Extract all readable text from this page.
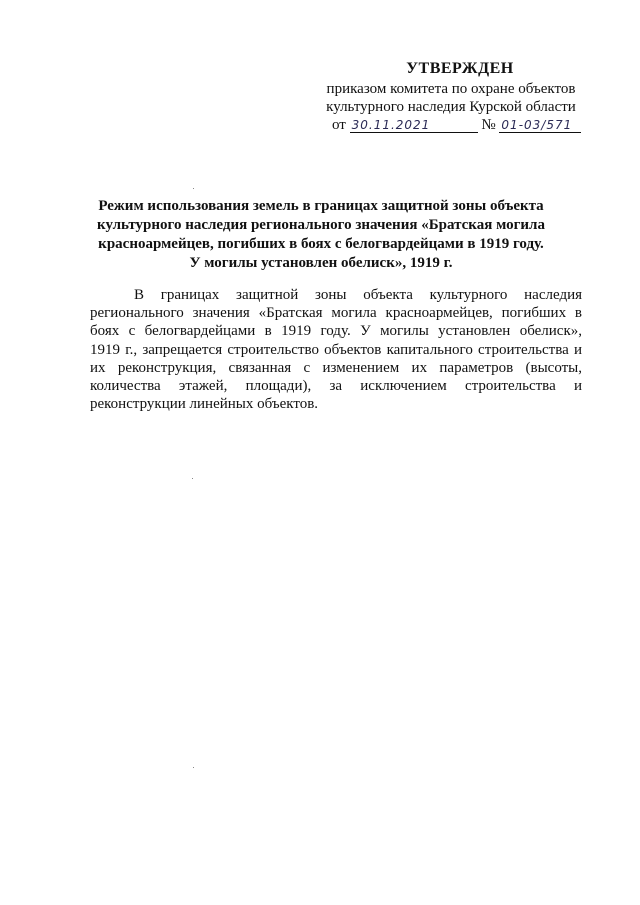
УТВЕРЖДЕН
приказом комитета по охране объектов
культурного наследия Курской области
от 30.11.2021	№ 01-03/571
Режим использования земель в границах защитной зоны объекта
культурного наследия регионального значения «Братская могила
красноармейцев, погибших в боях с белогвардейцами в 1919 году.
У могилы установлен обелиск», 1919 г.
В границах защитной зоны объекта культурного наследия
регионального значения «Братская могила красноармейцев, погибших в
боях с белогвардейцами в 1919 году. У могилы установлен обелиск»,
1919 г., запрещается строительство объектов капитального строительства и
их реконструкция, связанная с изменением их параметров (высоты,
количества этажей, площади), за исключением строительства и
реконструкции линейных объектов.
